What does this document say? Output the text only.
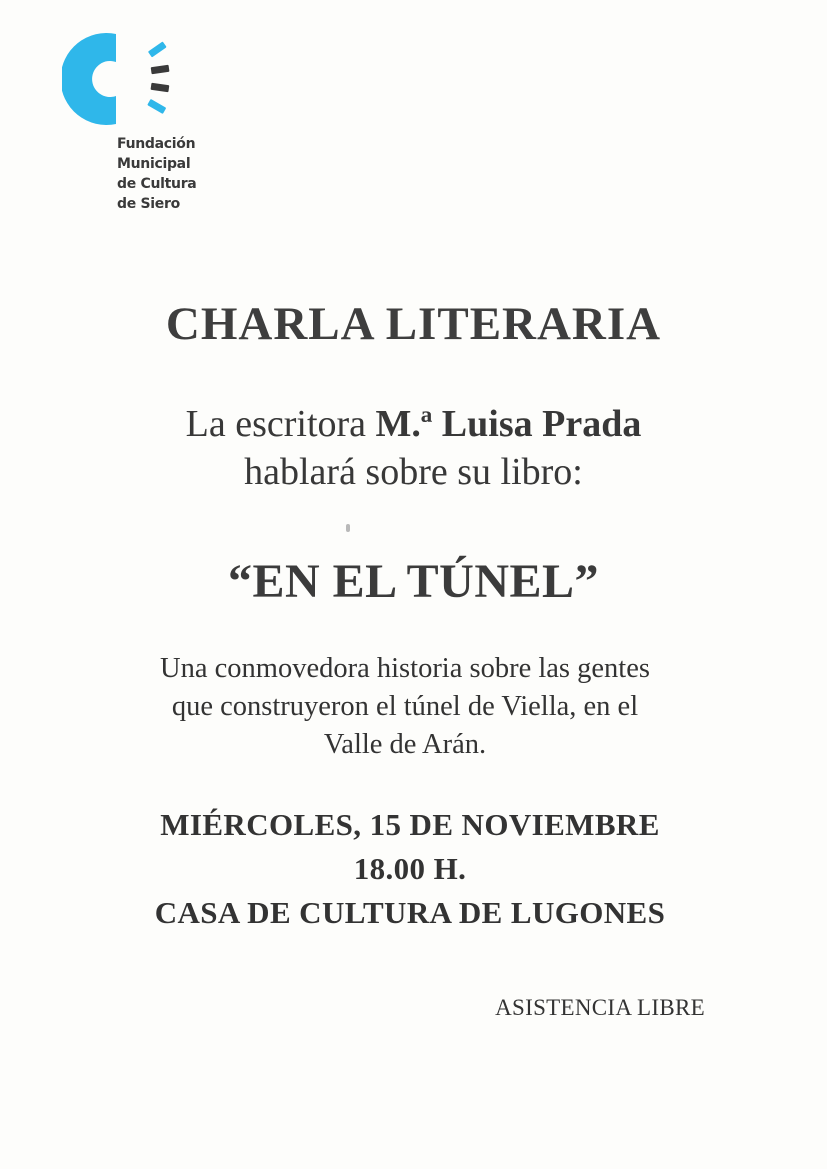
Fundación
Municipal
de Cultura
de Siero
CHARLA LITERARIA
La escritora M.ª Luisa Prada
hablará sobre su libro:
“EN EL TÚNEL”
Una conmovedora historia sobre las gentes
que construyeron el túnel de Viella, en el
Valle de Arán.
MIÉRCOLES, 15 DE NOVIEMBRE
18.00 H.
CASA DE CULTURA DE LUGONES
ASISTENCIA LIBRE
